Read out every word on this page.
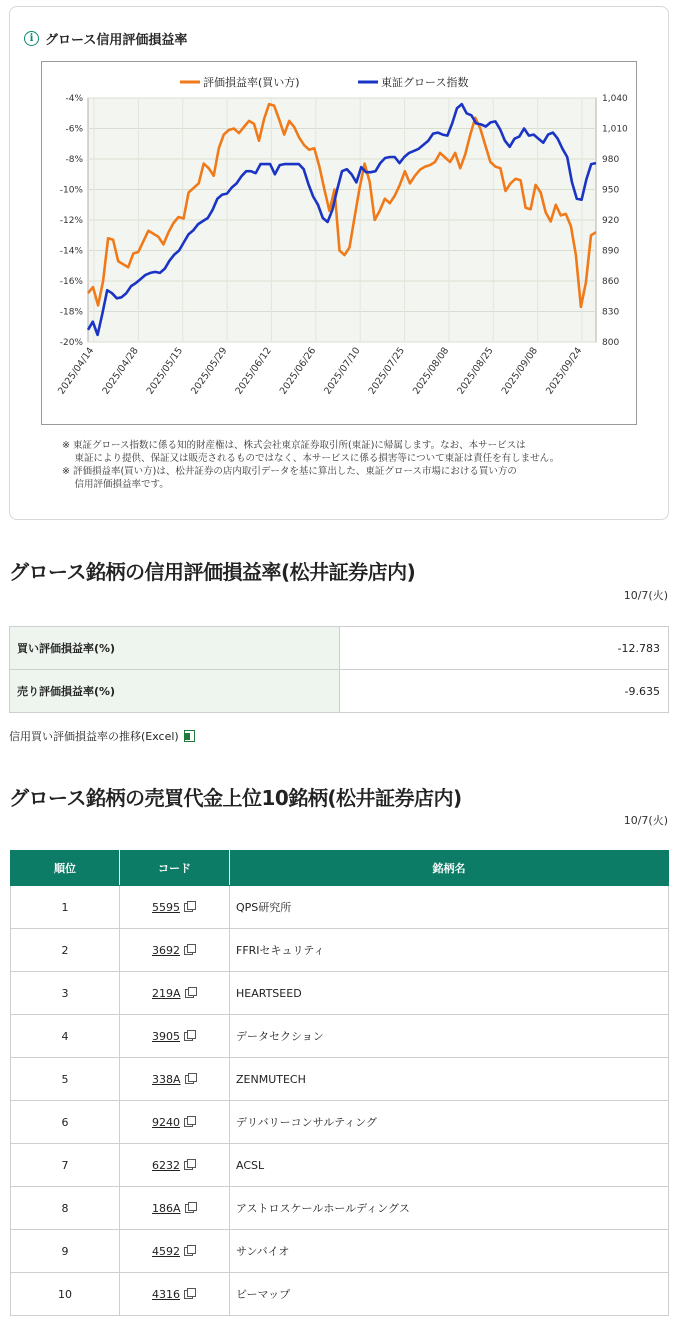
i グロース信用評価損益率
-4%	1,040
-6%	1,010
-8%	980
-10%	950
-12%	920
-14%	890
-16%	860
-18%	830
-20%	800
2025/04/14 2025/04/28 2025/05/15 2025/05/29 2025/06/12 2025/06/26 2025/07/10 2025/07/25 2025/08/08 2025/08/25 2025/09/08 2025/09/24
評価損益率(買い方)	東証グロース指数
※ 東証グロース指数に係る知的財産権は、株式会社東京証券取引所(東証)に帰属します。なお、本サービスは
　 東証により提供、保証又は販売されるものではなく、本サービスに係る損害等について東証は責任を有しません。
※ 評価損益率(買い方)は、松井証券の店内取引データを基に算出した、東証グロース市場における買い方の
　 信用評価損益率です。
グロース銘柄の信用評価損益率(松井証券店内)
10/7(火)
買い評価損益率(%)	-12.783
売り評価損益率(%)	-9.635
信用買い評価損益率の推移(Excel)
グロース銘柄の売買代金上位10銘柄(松井証券店内)
10/7(火)
順位	コード	銘柄名
1	5595	QPS研究所
2	3692	FFRIセキュリティ
3	219A	HEARTSEED
4	3905	データセクション
5	338A	ZENMUTECH
6	9240	デリバリーコンサルティング
7	6232	ACSL
8	186A	アストロスケールホールディングス
9	4592	サンバイオ
10	4316	ビーマップ
